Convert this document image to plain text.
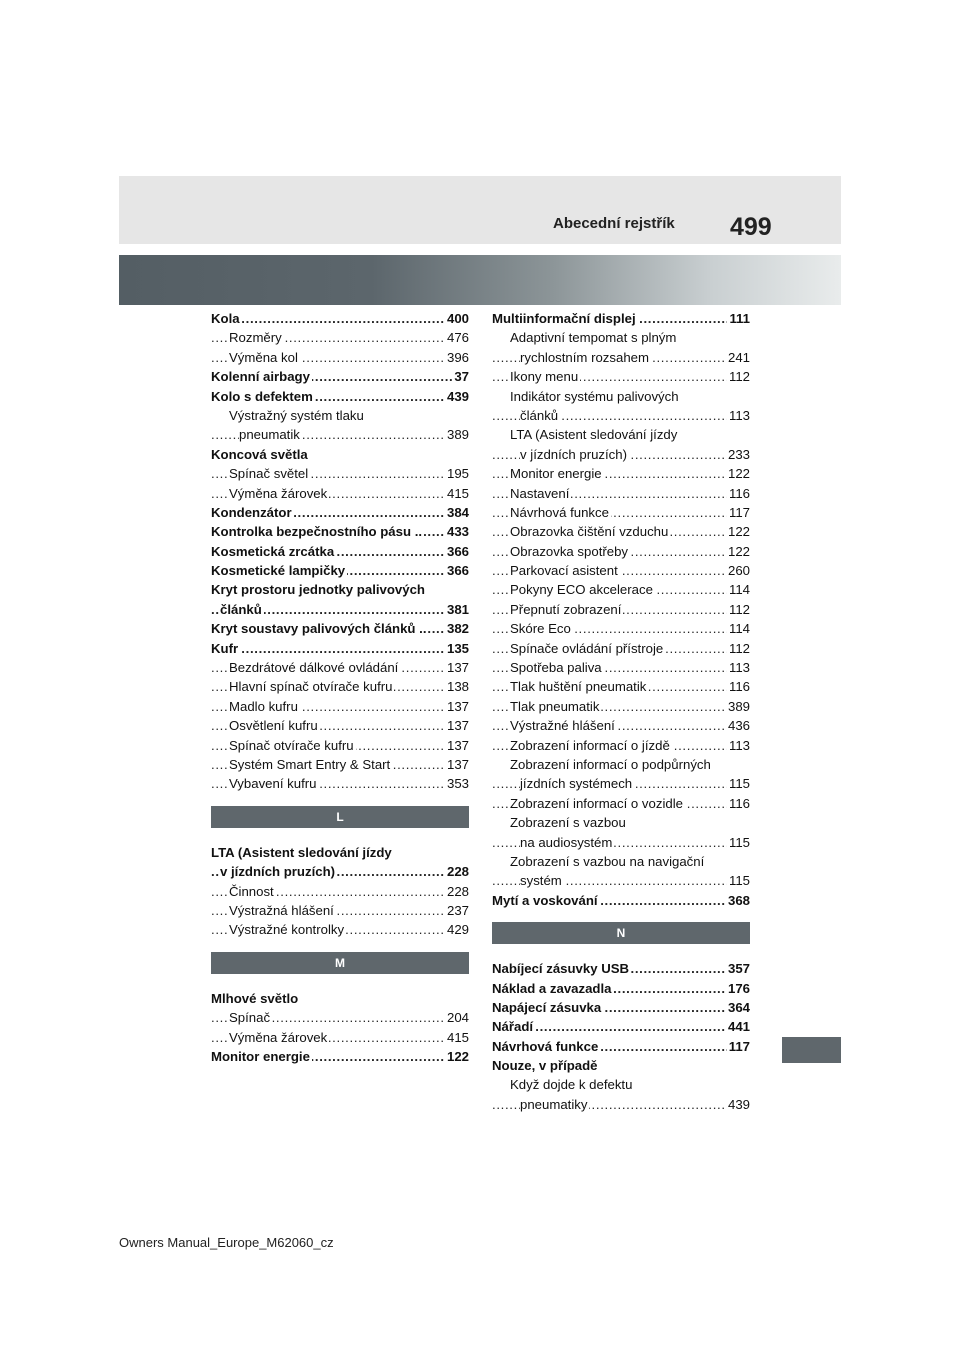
Abecední rejstřík 499
Kola	400
. . .
Rozměry	476
. . .
Výměna kol	396
. . .
Kolenní airbagy	37
. . .
Kolo s defektem	439
. . .
Výstražný systém tlaku
pneumatik	389
. . .
Koncová světla
Spínač světel	195
. . .
Výměna žárovek	415
. . .
Kondenzátor	384
. . .
Kontrolka bezpečnostního pásu .. 433
. . .
Kosmetická zrcátka	366
. . .
Kosmetické lampičky	366
. . .
Kryt prostoru jednotky palivových
článků	381
. . .
Kryt soustavy palivových článků .. 382
. . .
Kufr	135
. . .
Bezdrátové dálkové ovládání	137
. . .
Hlavní spínač otvírače kufru	138
. . .
Madlo kufru	137
. . .
Osvětlení kufru	137
. . .
Spínač otvírače kufru	137
. . .
Systém Smart Entry & Start	137
. . .
Vybavení kufru	353
. . .
L
LTA (Asistent sledování jízdy
v jízdních pruzích)	228
. . .
Činnost	228
. . .
Výstražná hlášení	237
. . .
Výstražné kontrolky	429
. . .
M
Mlhové světlo
Spínač	204
. . .
Výměna žárovek	415
. . .
Monitor energie	122
. . .
Multiinformační displej	111
. . .
Adaptivní tempomat s plným
rychlostním rozsahem	241
. . .
Ikony menu	112
. . .
Indikátor systému palivových
článků	113
. . .
LTA (Asistent sledování jízdy
v jízdních pruzích)	233
. . .
Monitor energie	122
. . .
Nastavení	116
. . .
Návrhová funkce	117
. . .
Obrazovka čištění vzduchu	122
. . .
Obrazovka spotřeby	122
. . .
Parkovací asistent	260
. . .
Pokyny ECO akcelerace	114
. . .
Přepnutí zobrazení	112
. . .
Skóre Eco	114
. . .
Spínače ovládání přístroje	112
. . .
Spotřeba paliva	113
. . .
Tlak huštění pneumatik	116
. . .
Tlak pneumatik	389
. . .
Výstražné hlášení	436
. . .
Zobrazení informací o jízdě	113
. . .
Zobrazení informací o podpůrných
jízdních systémech	115
. . .
Zobrazení informací o vozidle	116
. . .
Zobrazení s vazbou
na audiosystém	115
. . .
Zobrazení s vazbou na navigační
systém	115
. . .
Mytí a voskování	368
. . .
N
Nabíjecí zásuvky USB	357
. . .
Náklad a zavazadla	176
. . .
Napájecí zásuvka	364
. . .
Nářadí	441
. . .
Návrhová funkce	117
. . .
Nouze, v případě
Když dojde k defektu
pneumatiky	439
. . .
Owners Manual_Europe_M62060_cz
